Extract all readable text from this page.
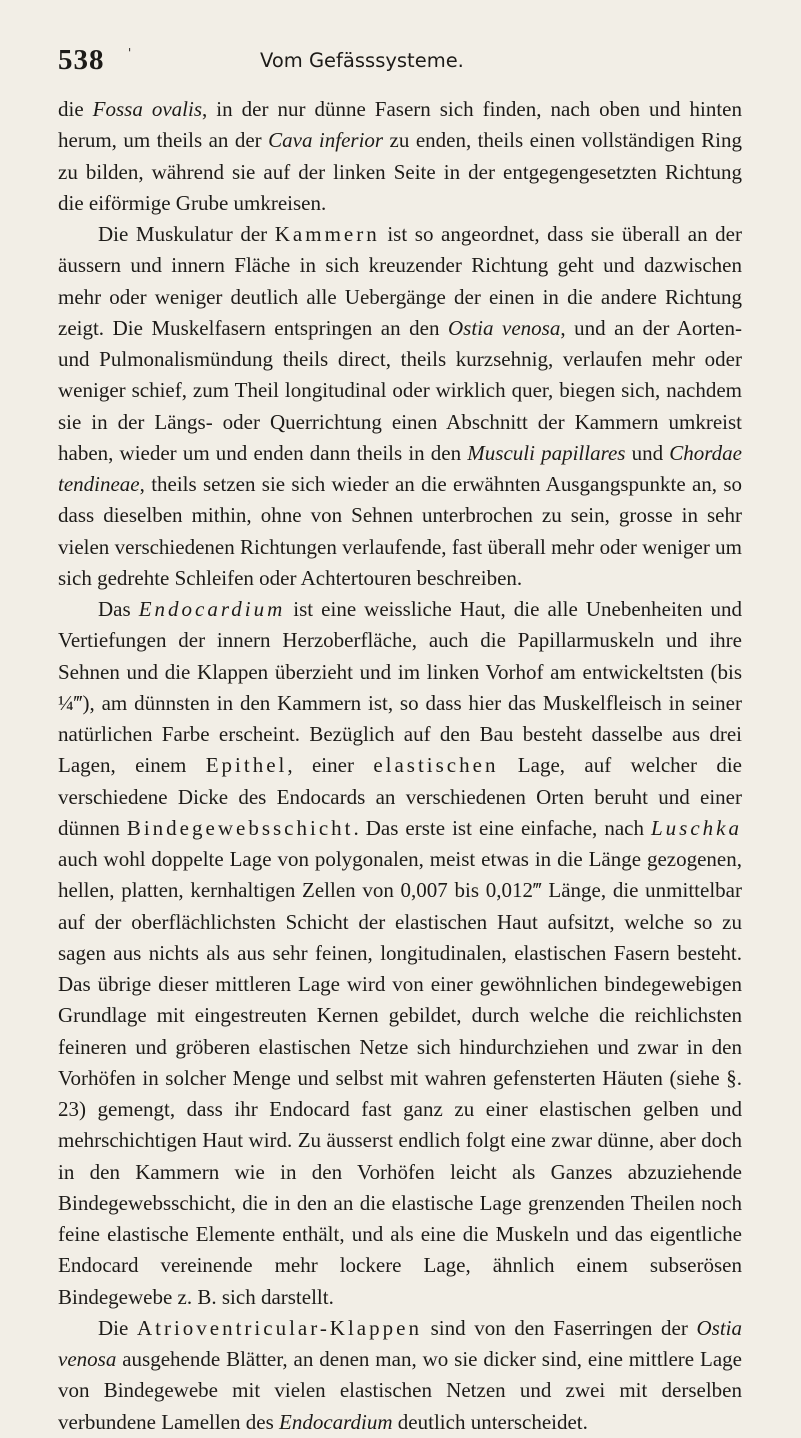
538 '	Vom Gefässsysteme.

die Fossa ovalis, in der nur dünne Fasern sich finden, nach oben und hinten herum, um theils an der Cava inferior zu enden, theils einen vollständigen Ring zu bilden, während sie auf der linken Seite in der entgegengesetzten Richtung die eiförmige Grube umkreisen.

Die Muskulatur der Kammern ist so angeordnet, dass sie überall an der äussern und innern Fläche in sich kreuzender Richtung geht und dazwischen mehr oder weniger deutlich alle Uebergänge der einen in die andere Richtung zeigt. Die Muskelfasern entspringen an den Ostia venosa, und an der Aorten- und Pulmonalismündung theils direct, theils kurzsehnig, verlaufen mehr oder weniger schief, zum Theil longitudinal oder wirklich quer, biegen sich, nachdem sie in der Längs- oder Querrichtung einen Abschnitt der Kammern umkreist haben, wieder um und enden dann theils in den Musculi papillares und Chordae tendineae, theils setzen sie sich wieder an die erwähnten Ausgangspunkte an, so dass dieselben mithin, ohne von Sehnen unterbrochen zu sein, grosse in sehr vielen verschiedenen Richtungen verlaufende, fast überall mehr oder weniger um sich gedrehte Schleifen oder Achtertouren beschreiben.

Das Endocardium ist eine weissliche Haut, die alle Unebenheiten und Vertiefungen der innern Herzoberfläche, auch die Papillarmuskeln und ihre Sehnen und die Klappen überzieht und im linken Vorhof am entwickeltsten (bis ¼‴), am dünnsten in den Kammern ist, so dass hier das Muskelfleisch in seiner natürlichen Farbe erscheint. Bezüglich auf den Bau besteht dasselbe aus drei Lagen, einem Epithel, einer elastischen Lage, auf welcher die verschiedene Dicke des Endocards an verschiedenen Orten beruht und einer dünnen Bindegewebsschicht. Das erste ist eine einfache, nach Luschka auch wohl doppelte Lage von polygonalen, meist etwas in die Länge gezogenen, hellen, platten, kernhaltigen Zellen von 0,007 bis 0,012‴ Länge, die unmittelbar auf der oberflächlichsten Schicht der elastischen Haut aufsitzt, welche so zu sagen aus nichts als aus sehr feinen, longitudinalen, elastischen Fasern besteht. Das übrige dieser mittleren Lage wird von einer gewöhnlichen bindegewebigen Grundlage mit eingestreuten Kernen gebildet, durch welche die reichlichsten feineren und gröberen elastischen Netze sich hindurchziehen und zwar in den Vorhöfen in solcher Menge und selbst mit wahren gefensterten Häuten (siehe §. 23) gemengt, dass ihr Endocard fast ganz zu einer elastischen gelben und mehrschichtigen Haut wird. Zu äusserst endlich folgt eine zwar dünne, aber doch in den Kammern wie in den Vorhöfen leicht als Ganzes abzuziehende Bindegewebsschicht, die in den an die elastische Lage grenzenden Theilen noch feine elastische Elemente enthält, und als eine die Muskeln und das eigentliche Endocard vereinende mehr lockere Lage, ähnlich einem subserösen Bindegewebe z. B. sich darstellt.

Die Atrioventricular-Klappen sind von den Faserringen der Ostia venosa ausgehende Blätter, an denen man, wo sie dicker sind, eine mittlere Lage von Bindegewebe mit vielen elastischen Netzen und zwei mit derselben verbundene Lamellen des Endocardium deutlich unterscheidet.
